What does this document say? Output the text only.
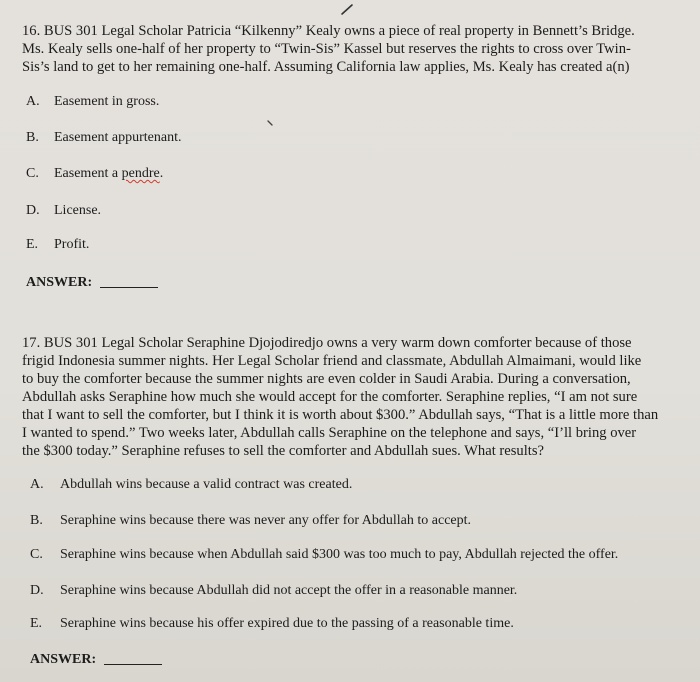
16. BUS 301 Legal Scholar Patricia “Kilkenny” Kealy owns a piece of real property in Bennett’s Bridge.

Ms. Kealy sells one-half of her property to “Twin-Sis” Kassel but reserves the rights to cross over Twin-

Sis’s land to get to her remaining one-half. Assuming California law applies, Ms. Kealy has created a(n)

A. Easement in gross.
B. Easement appurtenant.
C. Easement a pendre.
D. License.
E. Profit.
ANSWER:

17. BUS 301 Legal Scholar Seraphine Djojodiredjo owns a very warm down comforter because of those

frigid Indonesia summer nights. Her Legal Scholar friend and classmate, Abdullah Almaimani, would like

to buy the comforter because the summer nights are even colder in Saudi Arabia. During a conversation,

Abdullah asks Seraphine how much she would accept for the comforter. Seraphine replies, “I am not sure

that I want to sell the comforter, but I think it is worth about $300.” Abdullah says, “That is a little more than

I wanted to spend.” Two weeks later, Abdullah calls Seraphine on the telephone and says, “I’ll bring over

the $300 today.” Seraphine refuses to sell the comforter and Abdullah sues. What results?

A. Abdullah wins because a valid contract was created.
B. Seraphine wins because there was never any offer for Abdullah to accept.
C. Seraphine wins because when Abdullah said $300 was too much to pay, Abdullah rejected the offer.
D. Seraphine wins because Abdullah did not accept the offer in a reasonable manner.
E. Seraphine wins because his offer expired due to the passing of a reasonable time.
ANSWER:
